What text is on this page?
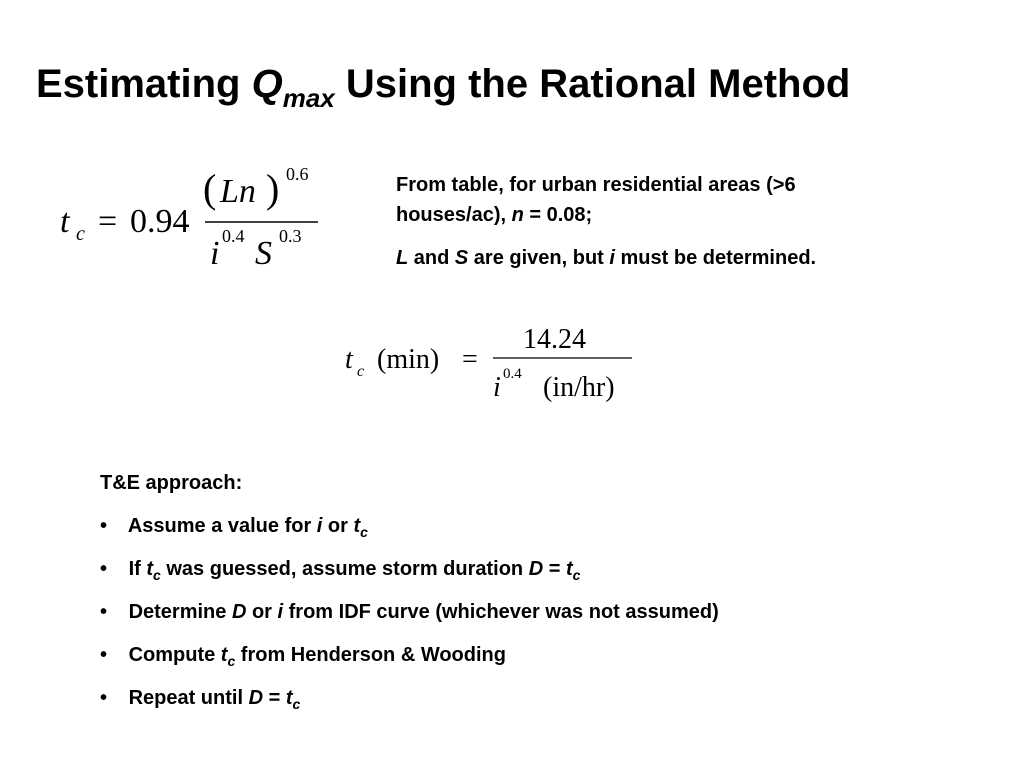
Estimating $Q_{max}$ Using the Rational Method
t c = 0.94
( Ln ) 0.6
i 0.4 S 0.3
From table, for urban residential areas (>6
houses/ac), n = 0.08;
L and S are given, but i must be determined.
t c (min) =
14.24
i 0.4 (in/hr)
T&E approach:
• Assume a value for i or $t_c$
• If $t_c$ was guessed, assume storm duration $D = t_c$
• Determine D or i from IDF curve (whichever was not assumed)
• Compute $t_c$ from Henderson & Wooding
• Repeat until $D = t_c$
